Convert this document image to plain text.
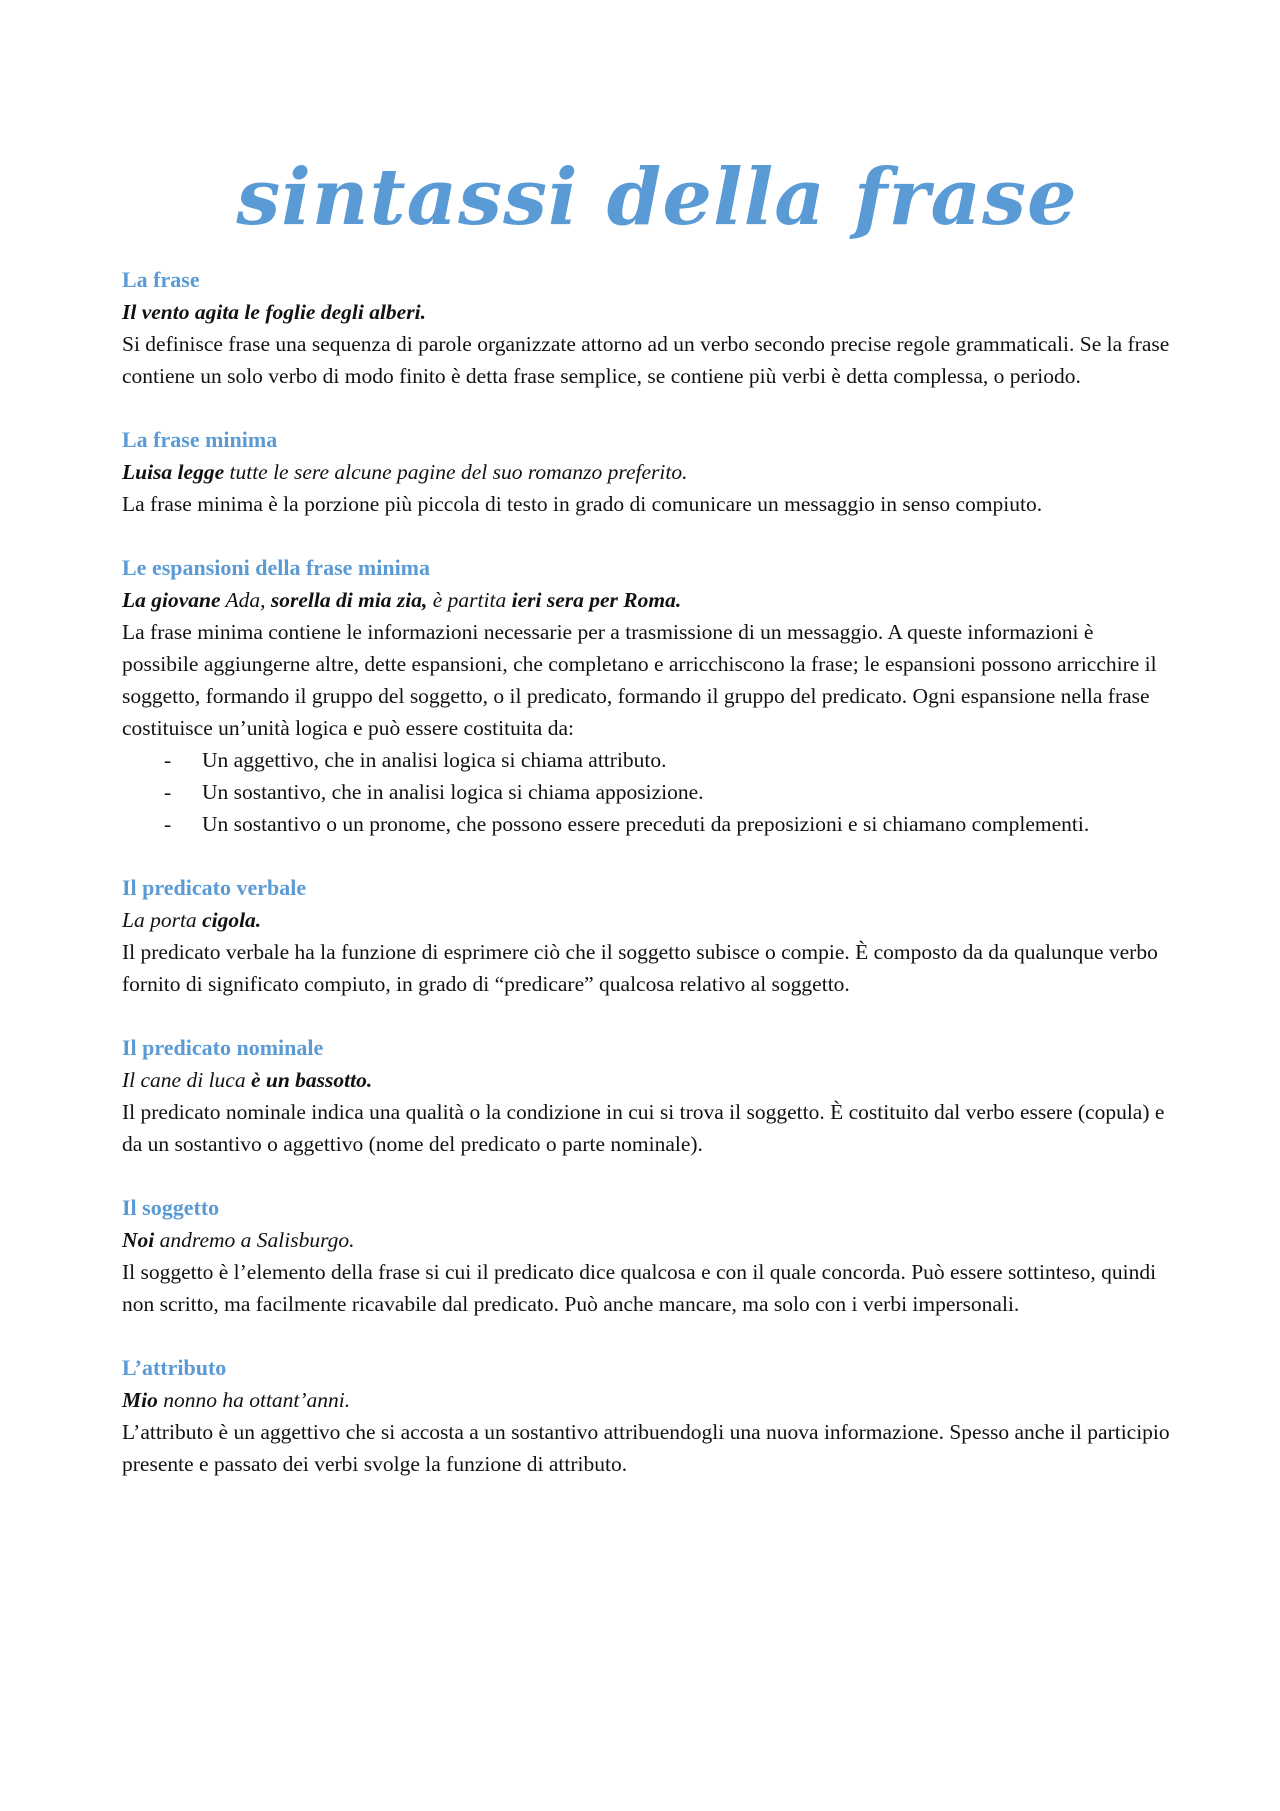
sintassi della frase
La frase
Il vento agita le foglie degli alberi.
Si definisce frase una sequenza di parole organizzate attorno ad un verbo secondo precise regole grammaticali. Se la frase contiene un solo verbo di modo finito è detta frase semplice, se contiene più verbi è detta complessa, o periodo.
La frase minima
Luisa legge tutte le sere alcune pagine del suo romanzo preferito.
La frase minima è la porzione più piccola di testo in grado di comunicare un messaggio in senso compiuto.
Le espansioni della frase minima
La giovane Ada, sorella di mia zia, è partita ieri sera per Roma.
La frase minima contiene le informazioni necessarie per a trasmissione di un messaggio. A queste informazioni è possibile aggiungerne altre, dette espansioni, che completano e arricchiscono la frase; le espansioni possono arricchire il soggetto, formando il gruppo del soggetto, o il predicato, formando il gruppo del predicato. Ogni espansione nella frase costituisce un’unità logica e può essere costituita da:
- Un aggettivo, che in analisi logica si chiama attributo.
- Un sostantivo, che in analisi logica si chiama apposizione.
- Un sostantivo o un pronome, che possono essere preceduti da preposizioni e si chiamano complementi.
Il predicato verbale
La porta cigola.
Il predicato verbale ha la funzione di esprimere ciò che il soggetto subisce o compie. È composto da da qualunque verbo fornito di significato compiuto, in grado di “predicare” qualcosa relativo al soggetto.
Il predicato nominale
Il cane di luca è un bassotto.
Il predicato nominale indica una qualità o la condizione in cui si trova il soggetto. È costituito dal verbo essere (copula) e da un sostantivo o aggettivo (nome del predicato o parte nominale).
Il soggetto
Noi andremo a Salisburgo.
Il soggetto è l’elemento della frase si cui il predicato dice qualcosa e con il quale concorda. Può essere sottinteso, quindi non scritto, ma facilmente ricavabile dal predicato. Può anche mancare, ma solo con i verbi impersonali.
L’attributo
Mio nonno ha ottant’anni.
L’attributo è un aggettivo che si accosta a un sostantivo attribuendogli una nuova informazione. Spesso anche il participio presente e passato dei verbi svolge la funzione di attributo.
